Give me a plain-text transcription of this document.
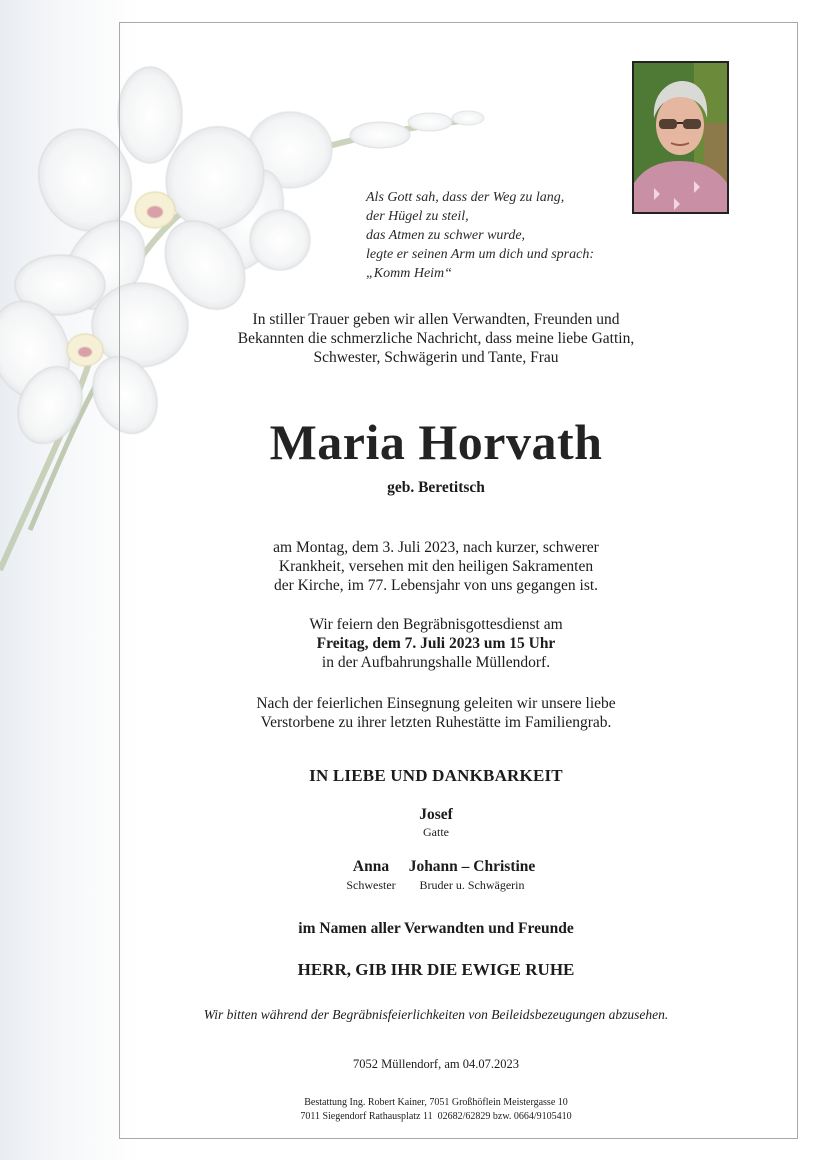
Als Gott sah, dass der Weg zu lang,
der Hügel zu steil,
das Atmen zu schwer wurde,
legte er seinen Arm um dich und sprach:
„Komm Heim“
In stiller Trauer geben wir allen Verwandten, Freunden und
Bekannten die schmerzliche Nachricht, dass meine liebe Gattin,
Schwester, Schwägerin und Tante, Frau
Maria Horvath
geb. Beretitsch
am Montag, dem 3. Juli 2023, nach kurzer, schwerer
Krankheit, versehen mit den heiligen Sakramenten
der Kirche, im 77. Lebensjahr von uns gegangen ist.
Wir feiern den Begräbnisgottesdienst am
Freitag, dem 7. Juli 2023 um 15 Uhr
in der Aufbahrungshalle Müllendorf.
Nach der feierlichen Einsegnung geleiten wir unsere liebe
Verstorbene zu ihrer letzten Ruhestätte im Familiengrab.
IN LIEBE UND DANKBARKEIT
Josef
Gatte
Anna
Schwester
Johann – Christine
Bruder u. Schwägerin
im Namen aller Verwandten und Freunde
HERR, GIB IHR DIE EWIGE RUHE
Wir bitten während der Begräbnisfeierlichkeiten von Beileidsbezeugungen abzusehen.
7052 Müllendorf, am 04.07.2023
Bestattung Ing. Robert Kainer, 7051 Großhöflein Meistergasse 10
7011 Siegendorf Rathausplatz 11  02682/62829 bzw. 0664/9105410
